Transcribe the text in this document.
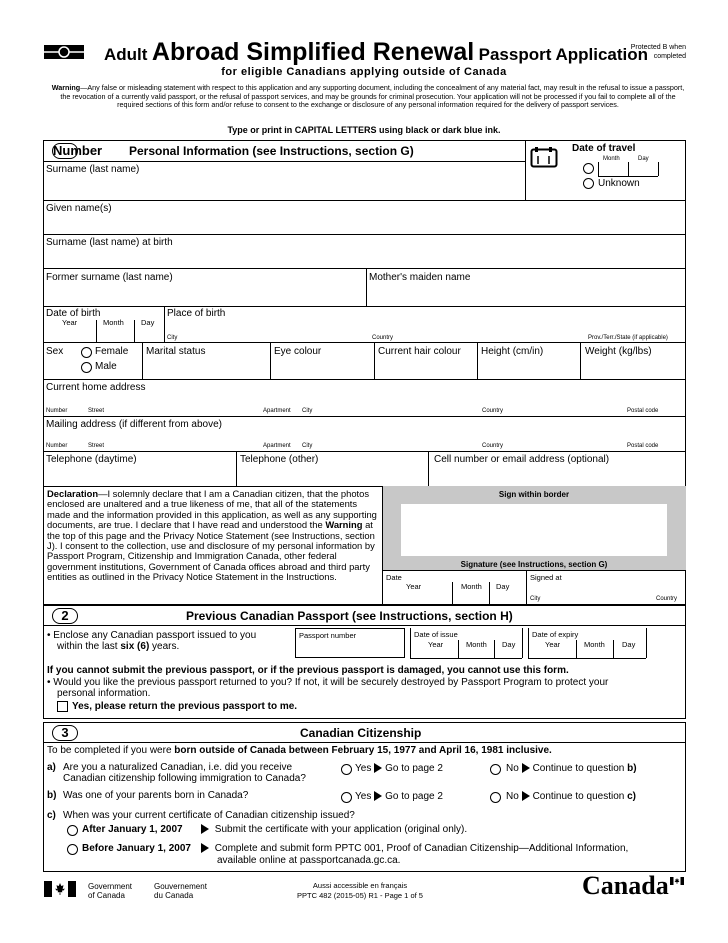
Adult Abroad Simplified Renewal Passport Application
Protected B when completed
for eligible Canadians applying outside of Canada
Warning—Any false or misleading statement with respect to this application and any supporting document, including the concealment of any material fact, may result in the refusal to issue a passport, the revocation of a currently valid passport, or the refusal of passport services, and may be grounds for criminal prosecution. Your application will not be processed if you fail to complete all of the required sections of this form and/or refuse to consent to the exchange or disclosure of any personal information required for the delivery of passport services.
Type or print in CAPITAL LETTERS using black or dark blue ink.
Number Personal Information (see Instructions, section G)	Date of travel
Month	Day
Unknown
Surname (last name)
Given name(s)
Surname (last name) at birth
Former surname (last name)	Mother's maiden name
Date of birth
Year	Month Day
Place of birth
City	Country	Prov./Terr./State (if applicable)
Sex	Female
Male
Marital status	Eye colour	Current hair colour Height (cm/in)	Weight (kg/lbs)
Current home address
Number	Street	Apartment City	Country	Postal code
Mailing address (if different from above)
Number	Street	Apartment City	Country	Postal code
Telephone (daytime)	Telephone (other)	Cell number or email address (optional)
Declaration—I solemnly declare that I am a Canadian citizen, that the photos enclosed are unaltered and a true likeness of me, that all of the statements made and the information provided in this application, as well as any supporting documents, are true. I declare that I have read and understood the Warning at the top of this page and the Privacy Notice Statement (see Instructions, section J). I consent to the collection, use and disclosure of my personal information by Passport Program, Citizenship and Immigration Canada, other federal government institutions, Government of Canada offices abroad and third party entities as outlined in the Privacy Notice Statement in the Instructions.
Sign within border
Signature (see Instructions, section G)
Date
Year	Month Day
Signed at
City	Country
2	Previous Canadian Passport (see Instructions, section H)
• Enclose any Canadian passport issued to you
within the last six (6) years.
Passport number	Date of issue
Year	Month Day
Date of expiry
Year	Month Day
If you cannot submit the previous passport, or if the previous passport is damaged, you cannot use this form.
• Would you like the previous passport returned to you? If not, it will be securely destroyed by Passport Program to protect your
personal information.
Yes, please return the previous passport to me.
3	Canadian Citizenship
To be completed if you were born outside of Canada between February 15, 1977 and April 16, 1981 inclusive.
a) Are you a naturalized Canadian, i.e. did you receive
Canadian citizenship following immigration to Canada?
Yes Go to page 2	No Continue to question b)
b) Was one of your parents born in Canada?	Yes Go to page 2	No Continue to question c)
c) When was your current certificate of Canadian citizenship issued?
After January 1, 2007	Submit the certificate with your application (original only).
Before January 1, 2007	Complete and submit form PPTC 001, Proof of Canadian Citizenship—Additional Information,
available online at passportcanada.gc.ca.
Government
of Canada
Gouvernement
du Canada
Aussi accessible en français
PPTC 482 (2015-05) R1 - Page 1 of 5	Canada
